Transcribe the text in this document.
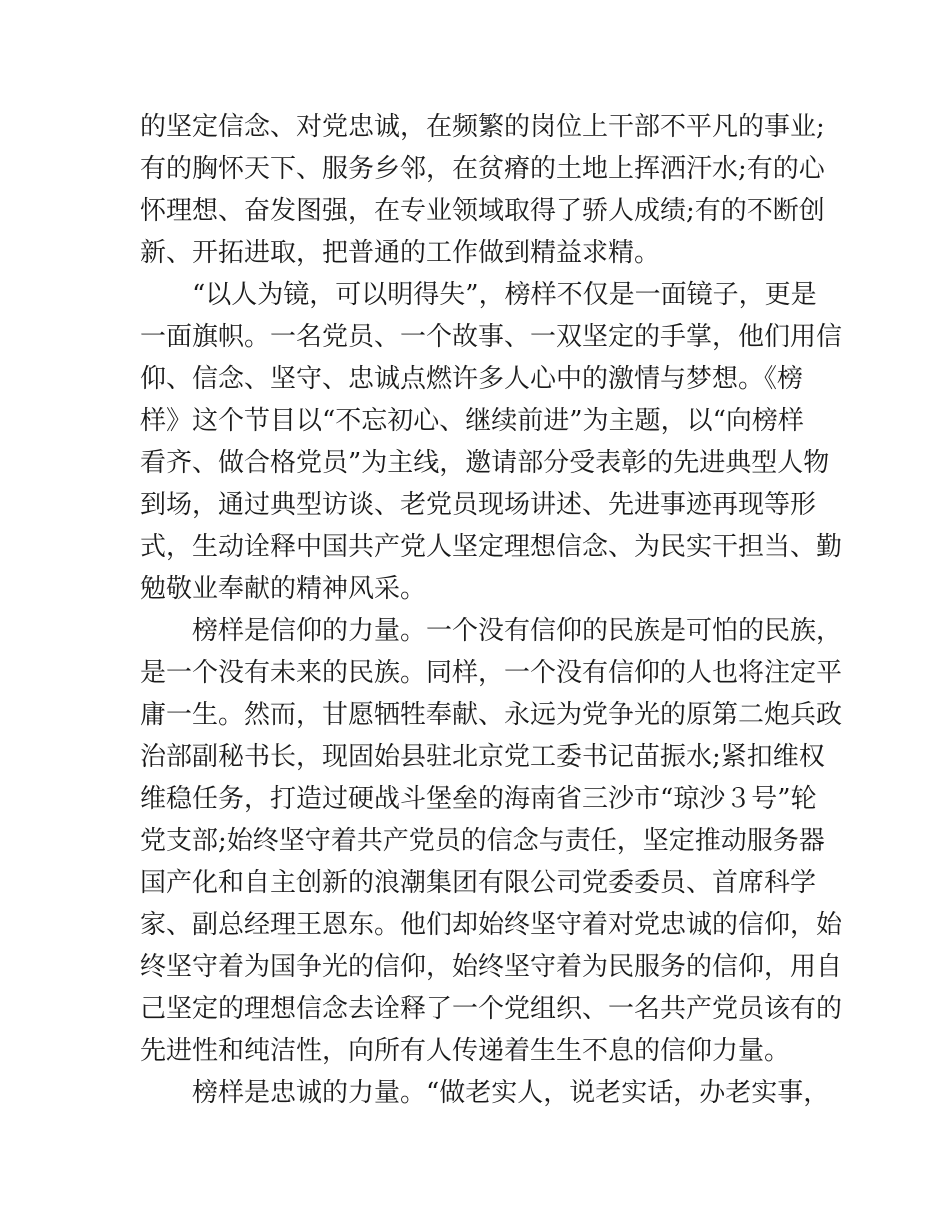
的坚定信念、对党忠诚，在频繁的岗位上干部不平凡的事业;
有的胸怀天下、服务乡邻，在贫瘠的土地上挥洒汗水;有的心
怀理想、奋发图强，在专业领域取得了骄人成绩;有的不断创
新、开拓进取，把普通的工作做到精益求精。
“以人为镜，可以明得失”，榜样不仅是一面镜子，更是
一面旗帜。一名党员、一个故事、一双坚定的手掌，他们用信
仰、信念、坚守、忠诚点燃许多人心中的激情与梦想。《榜
样》这个节目以“不忘初心、继续前进”为主题，以“向榜样
看齐、做合格党员”为主线，邀请部分受表彰的先进典型人物
到场，通过典型访谈、老党员现场讲述、先进事迹再现等形
式，生动诠释中国共产党人坚定理想信念、为民实干担当、勤
勉敬业奉献的精神风采。
榜样是信仰的力量。一个没有信仰的民族是可怕的民族，
是一个没有未来的民族。同样，一个没有信仰的人也将注定平
庸一生。然而，甘愿牺牲奉献、永远为党争光的原第二炮兵政
治部副秘书长，现固始县驻北京党工委书记苗振水;紧扣维权
维稳任务，打造过硬战斗堡垒的海南省三沙市“琼沙３号”轮
党支部;始终坚守着共产党员的信念与责任，坚定推动服务器
国产化和自主创新的浪潮集团有限公司党委委员、首席科学
家、副总经理王恩东。他们却始终坚守着对党忠诚的信仰，始
终坚守着为国争光的信仰，始终坚守着为民服务的信仰，用自
己坚定的理想信念去诠释了一个党组织、一名共产党员该有的
先进性和纯洁性，向所有人传递着生生不息的信仰力量。
榜样是忠诚的力量。“做老实人，说老实话，办老实事，
